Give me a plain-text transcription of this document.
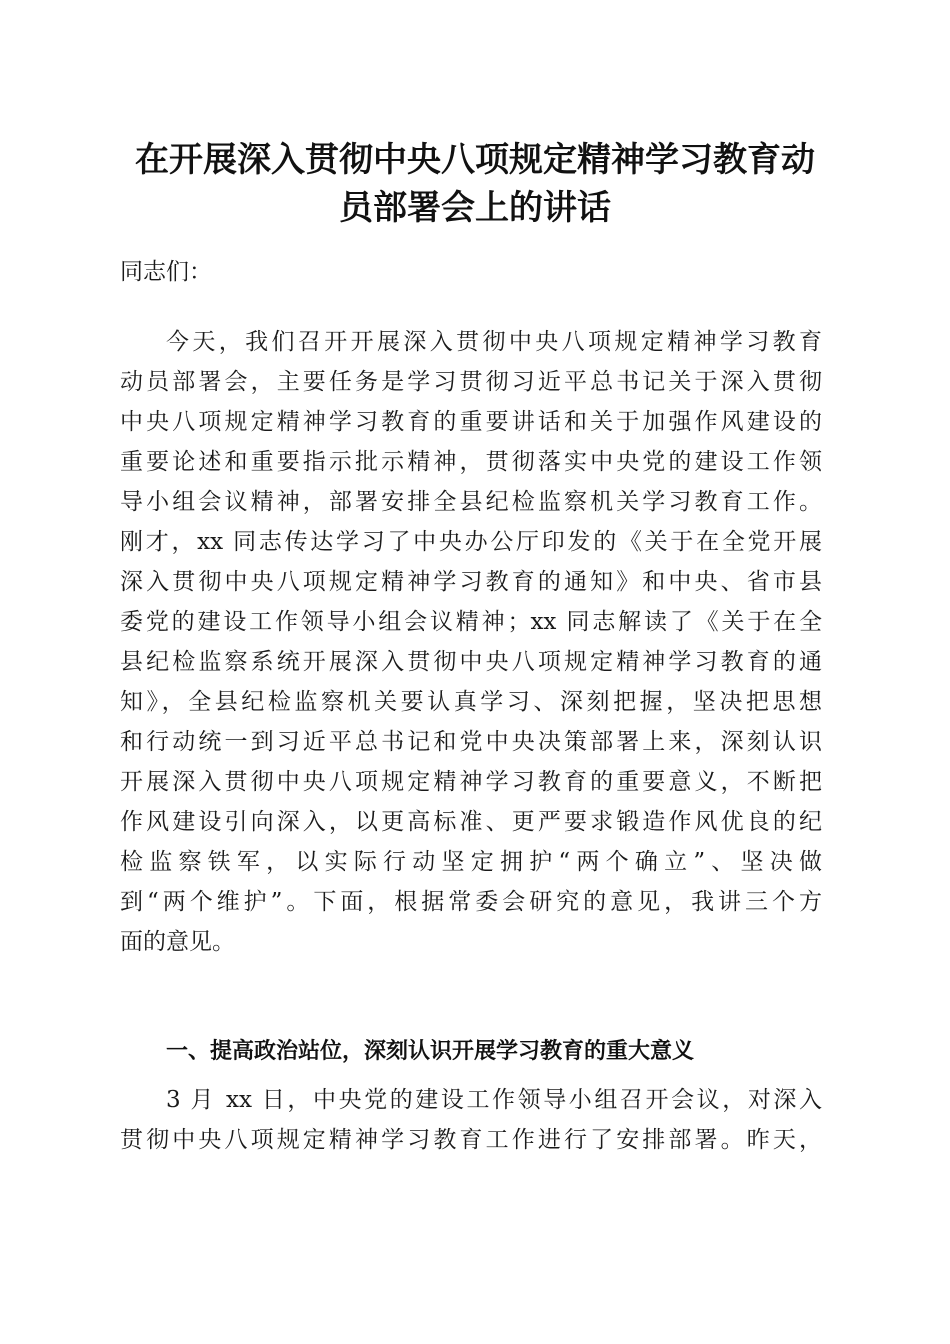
在开展深入贯彻中央八项规定精神学习教育动
员部署会上的讲话
同志们：
今天，我们召开开展深入贯彻中央八项规定精神学习教育
动员部署会，主要任务是学习贯彻习近平总书记关于深入贯彻
中央八项规定精神学习教育的重要讲话和关于加强作风建设的
重要论述和重要指示批示精神，贯彻落实中央党的建设工作领
导小组会议精神，部署安排全县纪检监察机关学习教育工作。
刚才，xx 同志传达学习了中央办公厅印发的《关于在全党开展
深入贯彻中央八项规定精神学习教育的通知》和中央、省市县
委党的建设工作领导小组会议精神；xx 同志解读了《关于在全
县纪检监察系统开展深入贯彻中央八项规定精神学习教育的通
知》，全县纪检监察机关要认真学习、深刻把握，坚决把思想
和行动统一到习近平总书记和党中央决策部署上来，深刻认识
开展深入贯彻中央八项规定精神学习教育的重要意义，不断把
作风建设引向深入，以更高标准、更严要求锻造作风优良的纪
检监察铁军，以实际行动坚定拥护“两个确立”、坚决做
到“两个维护”。下面，根据常委会研究的意见，我讲三个方
面的意见。
一、提高政治站位，深刻认识开展学习教育的重大意义
3 月 xx 日，中央党的建设工作领导小组召开会议，对深入
贯彻中央八项规定精神学习教育工作进行了安排部署。昨天，
